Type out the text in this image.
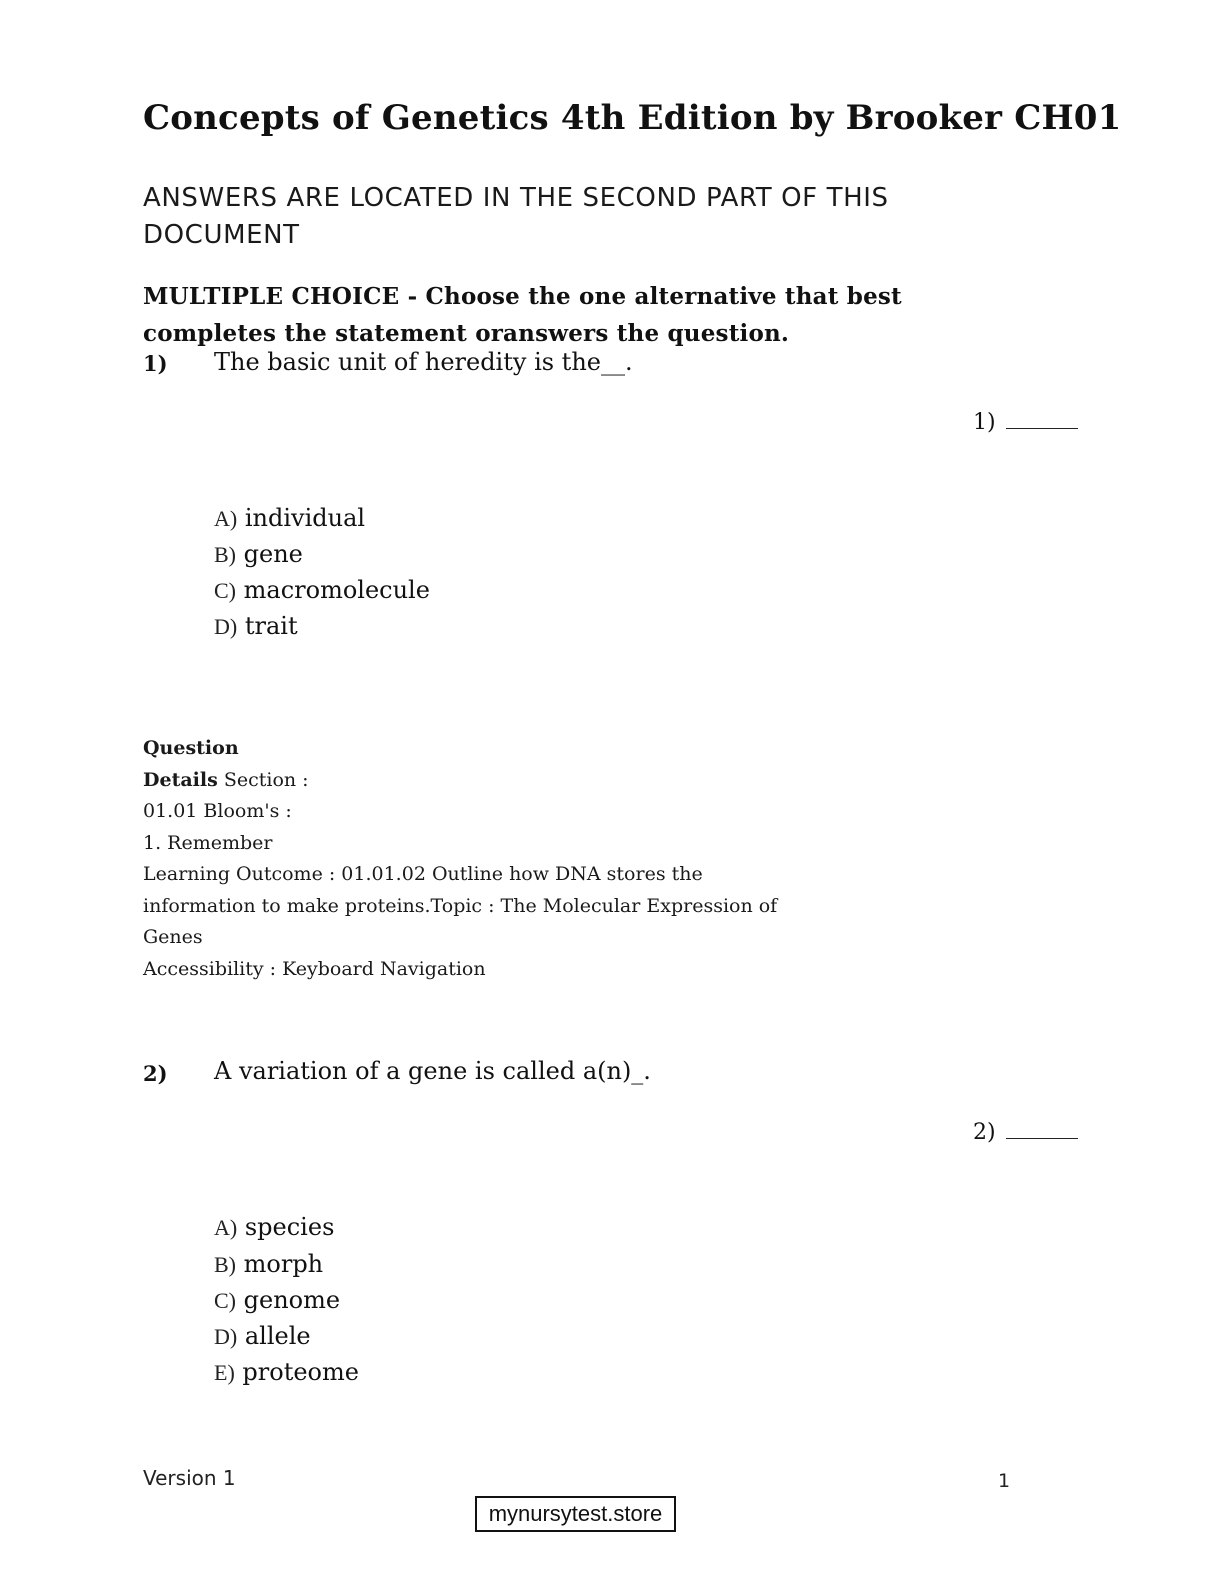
Concepts of Genetics 4th Edition by Brooker CH01
ANSWERS ARE LOCATED IN THE SECOND PART OF THIS DOCUMENT
MULTIPLE CHOICE - Choose the one alternative that best completes the statement oranswers the question.
1) The basic unit of heredity is the__.
1)
A) individual
B) gene
C) macromolecule
D) trait
Question
Details Section :
01.01 Bloom's :
1. Remember
Learning Outcome : 01.01.02 Outline how DNA stores the
information to make proteins.Topic : The Molecular Expression of
Genes
Accessibility : Keyboard Navigation
2) A variation of a gene is called a(n)_.
2)
A) species
B) morph
C) genome
D) allele
E) proteome
Version 1	1
mynursytest.store
